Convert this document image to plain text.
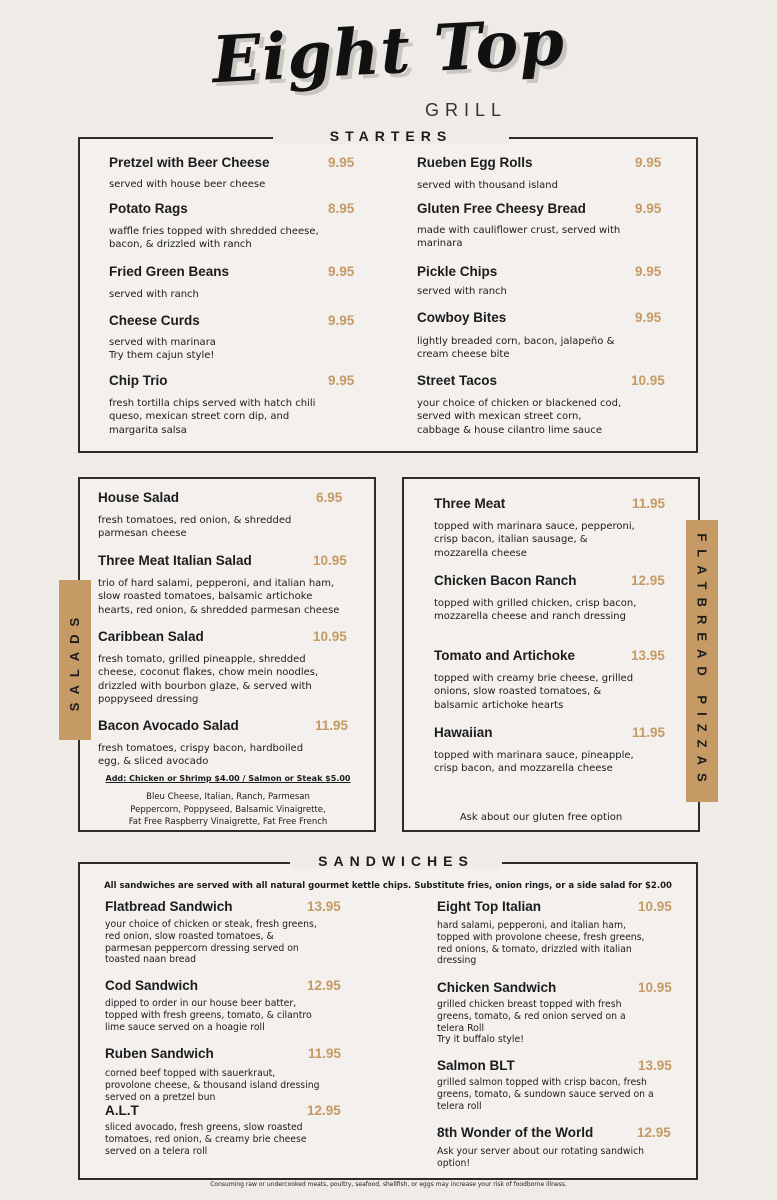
Eight Top
GRILL
STARTERS
Pretzel with Beer Cheese	9.95
served with house beer cheese
Potato Rags	8.95
waffle fries topped with shredded cheese,
bacon, & drizzled with ranch
Fried Green Beans	9.95
served with ranch
Cheese Curds	9.95
served with marinara
Try them cajun style!
Chip Trio	9.95
fresh tortilla chips served with hatch chili
queso, mexican street corn dip, and
margarita salsa
Rueben Egg Rolls	9.95
served with thousand island
Gluten Free Cheesy Bread	9.95
made with cauliflower crust, served with
marinara
Pickle Chips	9.95
served with ranch
Cowboy Bites	9.95
lightly breaded corn, bacon, jalapeño &
cream cheese bite
Street Tacos	10.95
your choice of chicken or blackened cod,
served with mexican street corn,
cabbage & house cilantro lime sauce
SALADS
House Salad	6.95
fresh tomatoes, red onion, & shredded
parmesan cheese
Three Meat Italian Salad	10.95
trio of hard salami, pepperoni, and italian ham,
slow roasted tomatoes, balsamic artichoke
hearts, red onion, & shredded parmesan cheese
Caribbean Salad	10.95
fresh tomato, grilled pineapple, shredded
cheese, coconut flakes, chow mein noodles,
drizzled with bourbon glaze, & served with
poppyseed dressing
Bacon Avocado Salad	11.95
fresh tomatoes, crispy bacon, hardboiled
egg, & sliced avocado
Add: Chicken or Shrimp $4.00 / Salmon or Steak $5.00
Bleu Cheese, Italian, Ranch, Parmesan
Peppercorn, Poppyseed, Balsamic Vinaigrette,
Fat Free Raspberry Vinaigrette, Fat Free French
FLATBREAD PIZZAS
Three Meat	11.95
topped with marinara sauce, pepperoni,
crisp bacon, italian sausage, &
mozzarella cheese
Chicken Bacon Ranch	12.95
topped with grilled chicken, crisp bacon,
mozzarella cheese and ranch dressing
Tomato and Artichoke	13.95
topped with creamy brie cheese, grilled
onions, slow roasted tomatoes, &
balsamic artichoke hearts
Hawaiian	11.95
topped with marinara sauce, pineapple,
crisp bacon, and mozzarella cheese
Ask about our gluten free option
SANDWICHES
All sandwiches are served with all natural gourmet kettle chips. Substitute fries, onion rings, or a side salad for $2.00
Flatbread Sandwich	13.95
your choice of chicken or steak, fresh greens,
red onion, slow roasted tomatoes, &
parmesan peppercorn dressing served on
toasted naan bread
Cod Sandwich	12.95
dipped to order in our house beer batter,
topped with fresh greens, tomato, & cilantro
lime sauce served on a hoagie roll
Ruben Sandwich	11.95
corned beef topped with sauerkraut,
provolone cheese, & thousand island dressing
served on a pretzel bun
A.L.T	12.95
sliced avocado, fresh greens, slow roasted
tomatoes, red onion, & creamy brie cheese
served on a telera roll
Eight Top Italian	10.95
hard salami, pepperoni, and italian ham,
topped with provolone cheese, fresh greens,
red onions, & tomato, drizzled with italian
dressing
Chicken Sandwich	10.95
grilled chicken breast topped with fresh
greens, tomato, & red onion served on a
telera Roll
Try it buffalo style!
Salmon BLT	13.95
grilled salmon topped with crisp bacon, fresh
greens, tomato, & sundown sauce served on a
telera roll
8th Wonder of the World	12.95
Ask your server about our rotating sandwich
option!
Consuming raw or undercooked meats, poultry, seafood, shellfish, or eggs may increase your risk of foodborne illness.
